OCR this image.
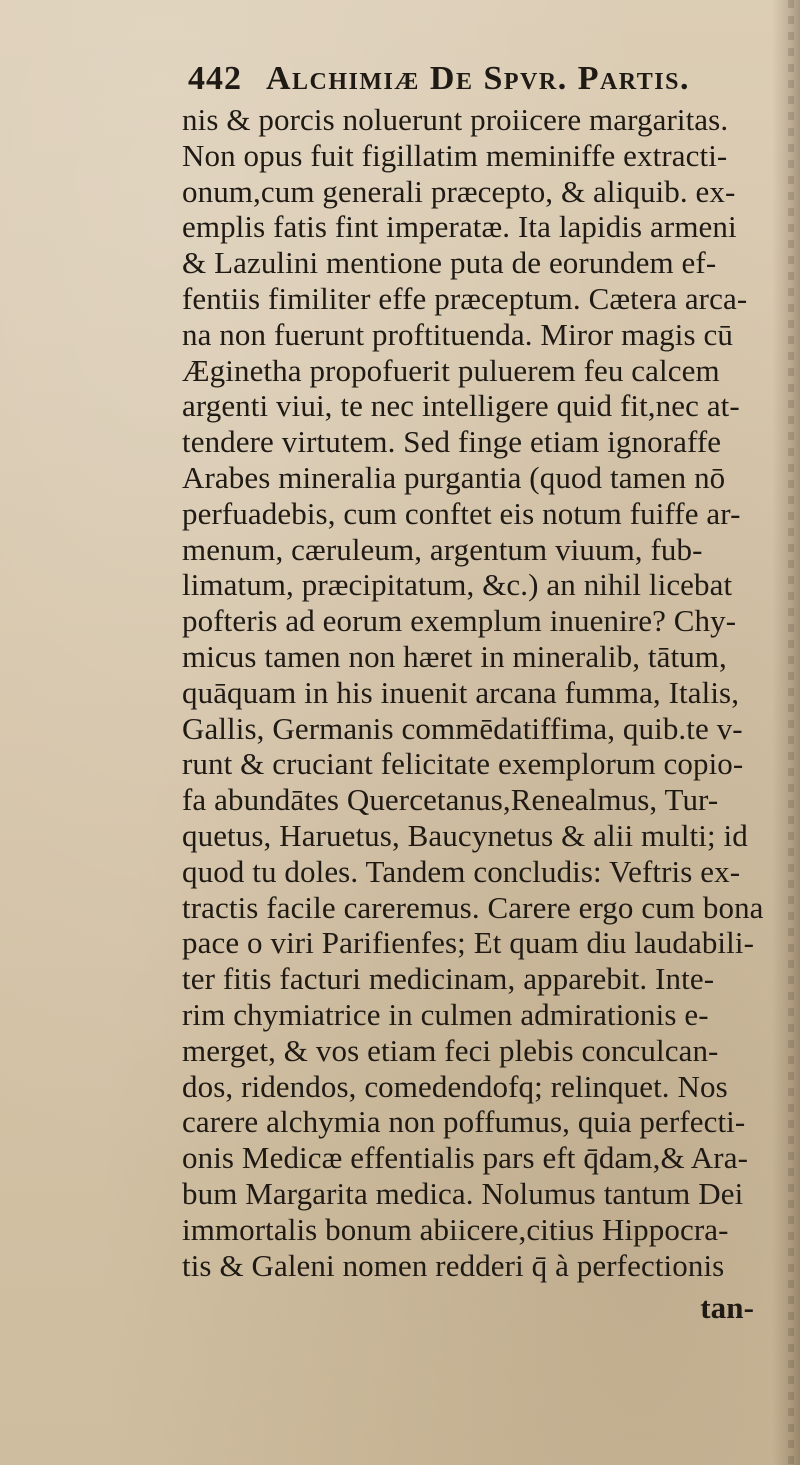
442 Alchimiæ De Spvr. Partis.
nis & porcis noluerunt proiicere margaritas.
Non opus fuit figillatim meminiffe extracti-
onum,cum generali præcepto, & aliquib. ex-
emplis fatis fint imperatæ. Ita lapidis armeni
& Lazulini mentione puta de eorundem ef-
fentiis fimiliter effe præceptum. Cætera arca-
na non fuerunt proftituenda. Miror magis cū
Æginetha propofuerit puluerem feu calcem
argenti viui, te nec intelligere quid fit,nec at-
tendere virtutem. Sed finge etiam ignoraffe
Arabes mineralia purgantia (quod tamen nō
perfuadebis, cum conftet eis notum fuiffe ar-
menum, cæruleum, argentum viuum, fub-
limatum, præcipitatum, &c.) an nihil licebat
pofteris ad eorum exemplum inuenire? Chy-
micus tamen non hæret in mineralib, tātum,
quāquam in his inuenit arcana fumma, Italis,
Gallis, Germanis commēdatiffima, quib.te v-
runt & cruciant felicitate exemplorum copio-
fa abundātes Quercetanus,Renealmus, Tur-
quetus, Haruetus, Baucynetus & alii multi; id
quod tu doles. Tandem concludis: Veftris ex-
tractis facile careremus. Carere ergo cum bona
pace o viri Parifienfes; Et quam diu laudabili-
ter fitis facturi medicinam, apparebit. Inte-
rim chymiatrice in culmen admirationis e-
merget, & vos etiam feci plebis conculcan-
dos, ridendos, comedendofq; relinquet. Nos
carere alchymia non poffumus, quia perfecti-
onis Medicæ effentialis pars eft q̄dam,& Ara-
bum Margarita medica. Nolumus tantum Dei
immortalis bonum abiicere,citius Hippocra-
tis & Galeni nomen redderi q̄ à perfectionis
tan-
